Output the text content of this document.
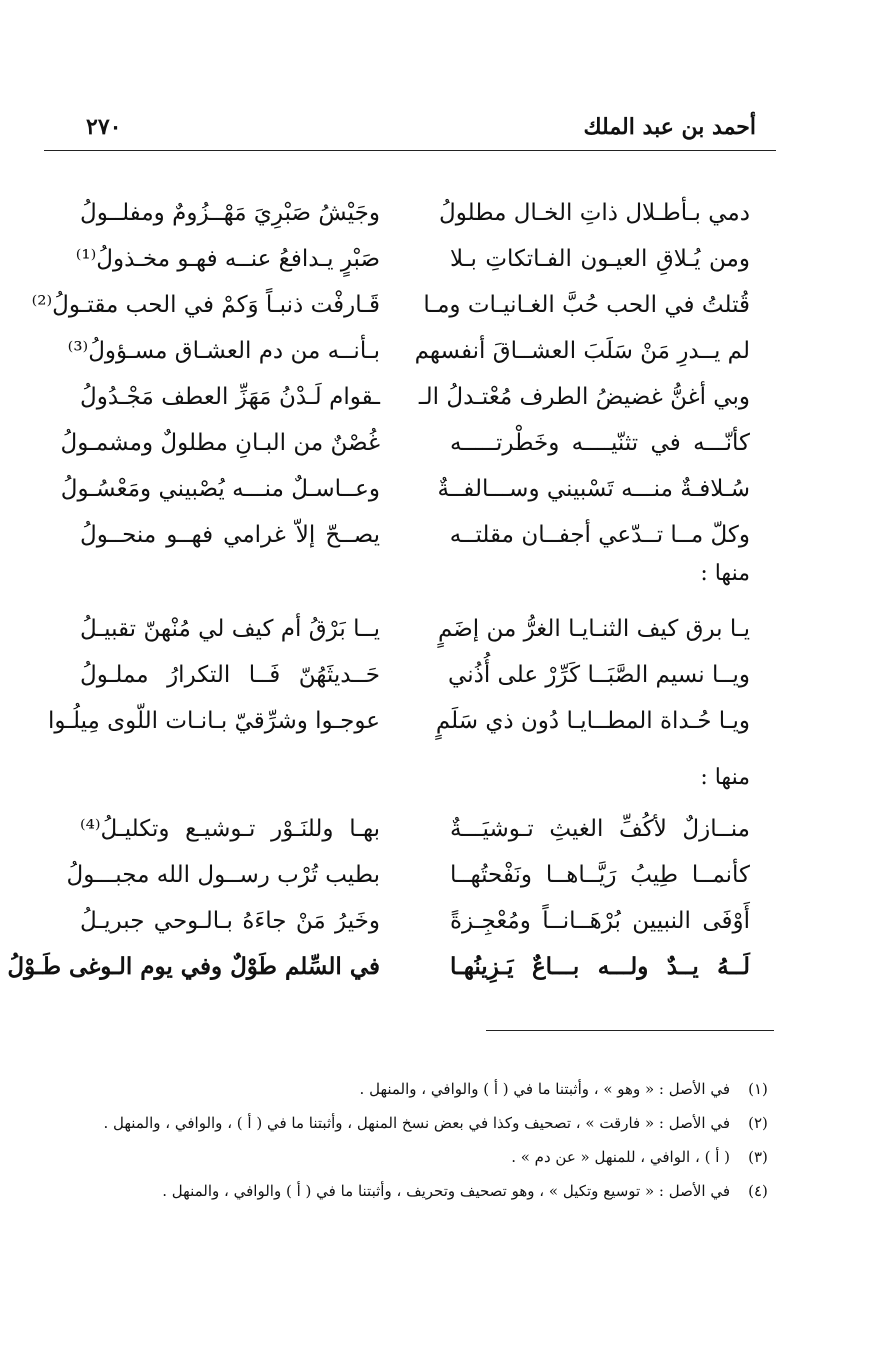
أحمد بن عبد الملك
٢٧٠
دمي بـأطـلال ذاتِ الخـال مطلولُ
وجَيْشُ صَبْرِيَ مَهْــزُومٌ ومفلــولُ
ومن يُـلاقِ العيـون الفـاتكاتِ بـلا
صَبْرٍ يـدافعُ عنــه فهـو مخـذولُ⁽¹⁾
قُتلتُ في الحب حُبَّ الغـانيـات ومـا
قَـارفْت ذنبـاً وَكمْ في الحب مقتـولُ⁽²⁾
لم يــدرِ مَنْ سَلَبَ العشــاقَ أنفسهم
بـأنــه من دم العشـاق مسـؤولُ⁽³⁾
وبي أغنُّ غضيضُ الطرف مُعْتـدلُ الـ
ـقوام لَـدْنُ مَهَزِّ العطف مَجْـدُولُ
كأنّـــه في تثنّيــــه وخَطْرتـــــه
غُصْنٌ من البـانِ مطلولٌ ومشمـولُ
سُـلافـةٌ منـــه تَسْبيني وســـالفــةٌ
وعــاسـلٌ منـــه يُصْبيني ومَعْسُـولُ
وكلّ مــا تــدّعي أجفــان مقلتــه
يصــحّ إلاّ غرامي فهــو منحــولُ
منها :
يـا برق كيف الثنـايـا الغرُّ من إضَمٍ
يــا بَرْقُ أم كيف لي مُنْهنّ تقبيـلُ
ويــا نسيم الصَّبَــا كَرِّرْ على أُذُني
حَــديثَهُنّ فَــا التكرارُ مملـولُ
ويـا حُـداة المطــايـا دُون ذي سَلَمٍ
عوجـوا وشرِّقيّ بـانـات اللّوى مِيلُـوا
منها :
منــازلٌ لأكُفِّ الغيثِ تـوشيَـــةٌ
بهـا وللنَـوْر تـوشيـع وتكليـلُ⁽⁴⁾
كأنمــا طِيبُ رَيَّــاهــا ونَفْحتُهــا
بطيب تُرْب رســول الله مجبـــولُ
أَوْفَى النبيين بُرْهَــانــاً ومُعْجِـزةً
وخَيرُ مَنْ جاءَهُ بـالـوحي جبريـلُ
لَــهُ يــدٌ ولـــه بـــاعٌ يَـزِينُهـا
في السِّلم طَوْلٌ وفي يوم الـوغى طَـوْلُ
(١)
في الأصل : « وهو » ، وأثبتنا ما في ( أ ) والوافي ، والمنهل .
(٢)
في الأصل : « فارقت » ، تصحيف وكذا في بعض نسخ المنهل ، وأثبتنا ما في ( أ ) ، والوافي ، والمنهل .
(٣)
( أ ) ، الوافي ، للمنهل « عن دم » .
(٤)
في الأصل : « توسيع وتكيل » ، وهو تصحيف وتحريف ، وأثبتنا ما في ( أ ) والوافي ، والمنهل .
